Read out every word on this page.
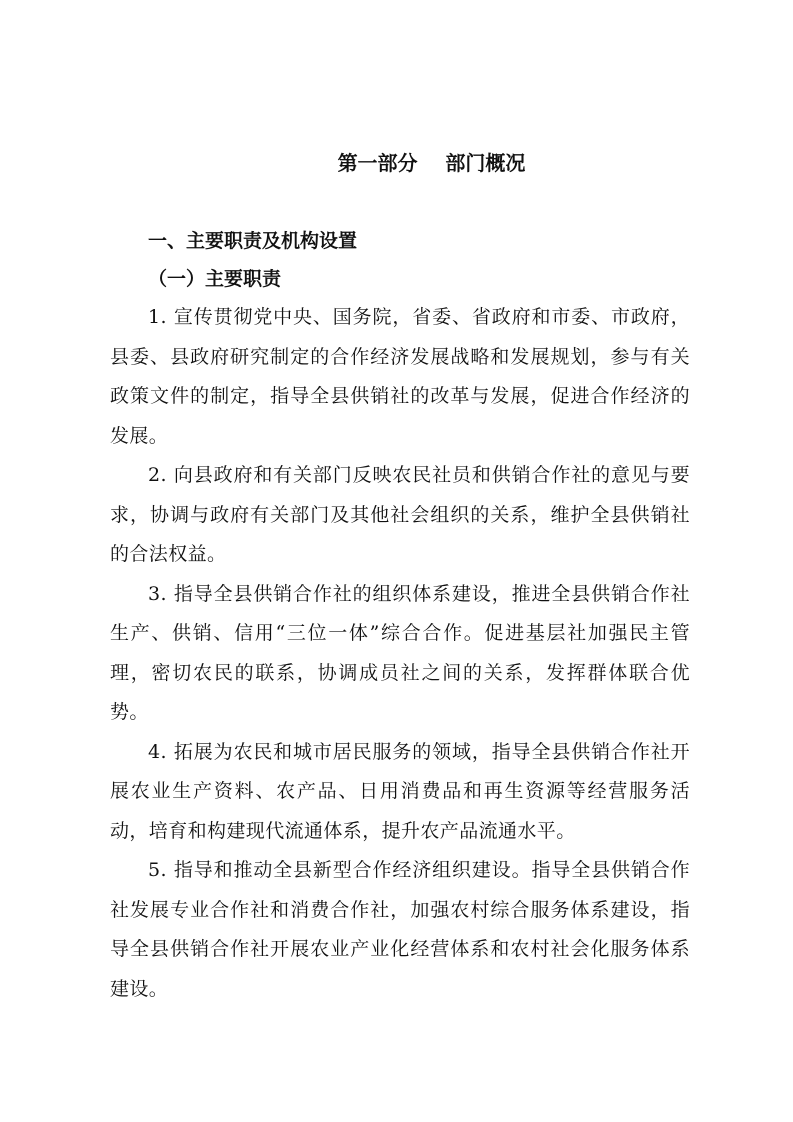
第一部分    部门概况
一、主要职责及机构设置
（一）主要职责

1. 宣传贯彻党中央、国务院，省委、省政府和市委、市政府，县委、县政府研究制定的合作经济发展战略和发展规划，参与有关政策文件的制定，指导全县供销社的改革与发展，促进合作经济的发展。

2. 向县政府和有关部门反映农民社员和供销合作社的意见与要求，协调与政府有关部门及其他社会组织的关系，维护全县供销社的合法权益。

3. 指导全县供销合作社的组织体系建设，推进全县供销合作社生产、供销、信用“三位一体”综合合作。促进基层社加强民主管理，密切农民的联系，协调成员社之间的关系，发挥群体联合优势。

4. 拓展为农民和城市居民服务的领域，指导全县供销合作社开展农业生产资料、农产品、日用消费品和再生资源等经营服务活动，培育和构建现代流通体系，提升农产品流通水平。

5. 指导和推动全县新型合作经济组织建设。指导全县供销合作社发展专业合作社和消费合作社，加强农村综合服务体系建设，指导全县供销合作社开展农业产业化经营体系和农村社会化服务体系建设。
